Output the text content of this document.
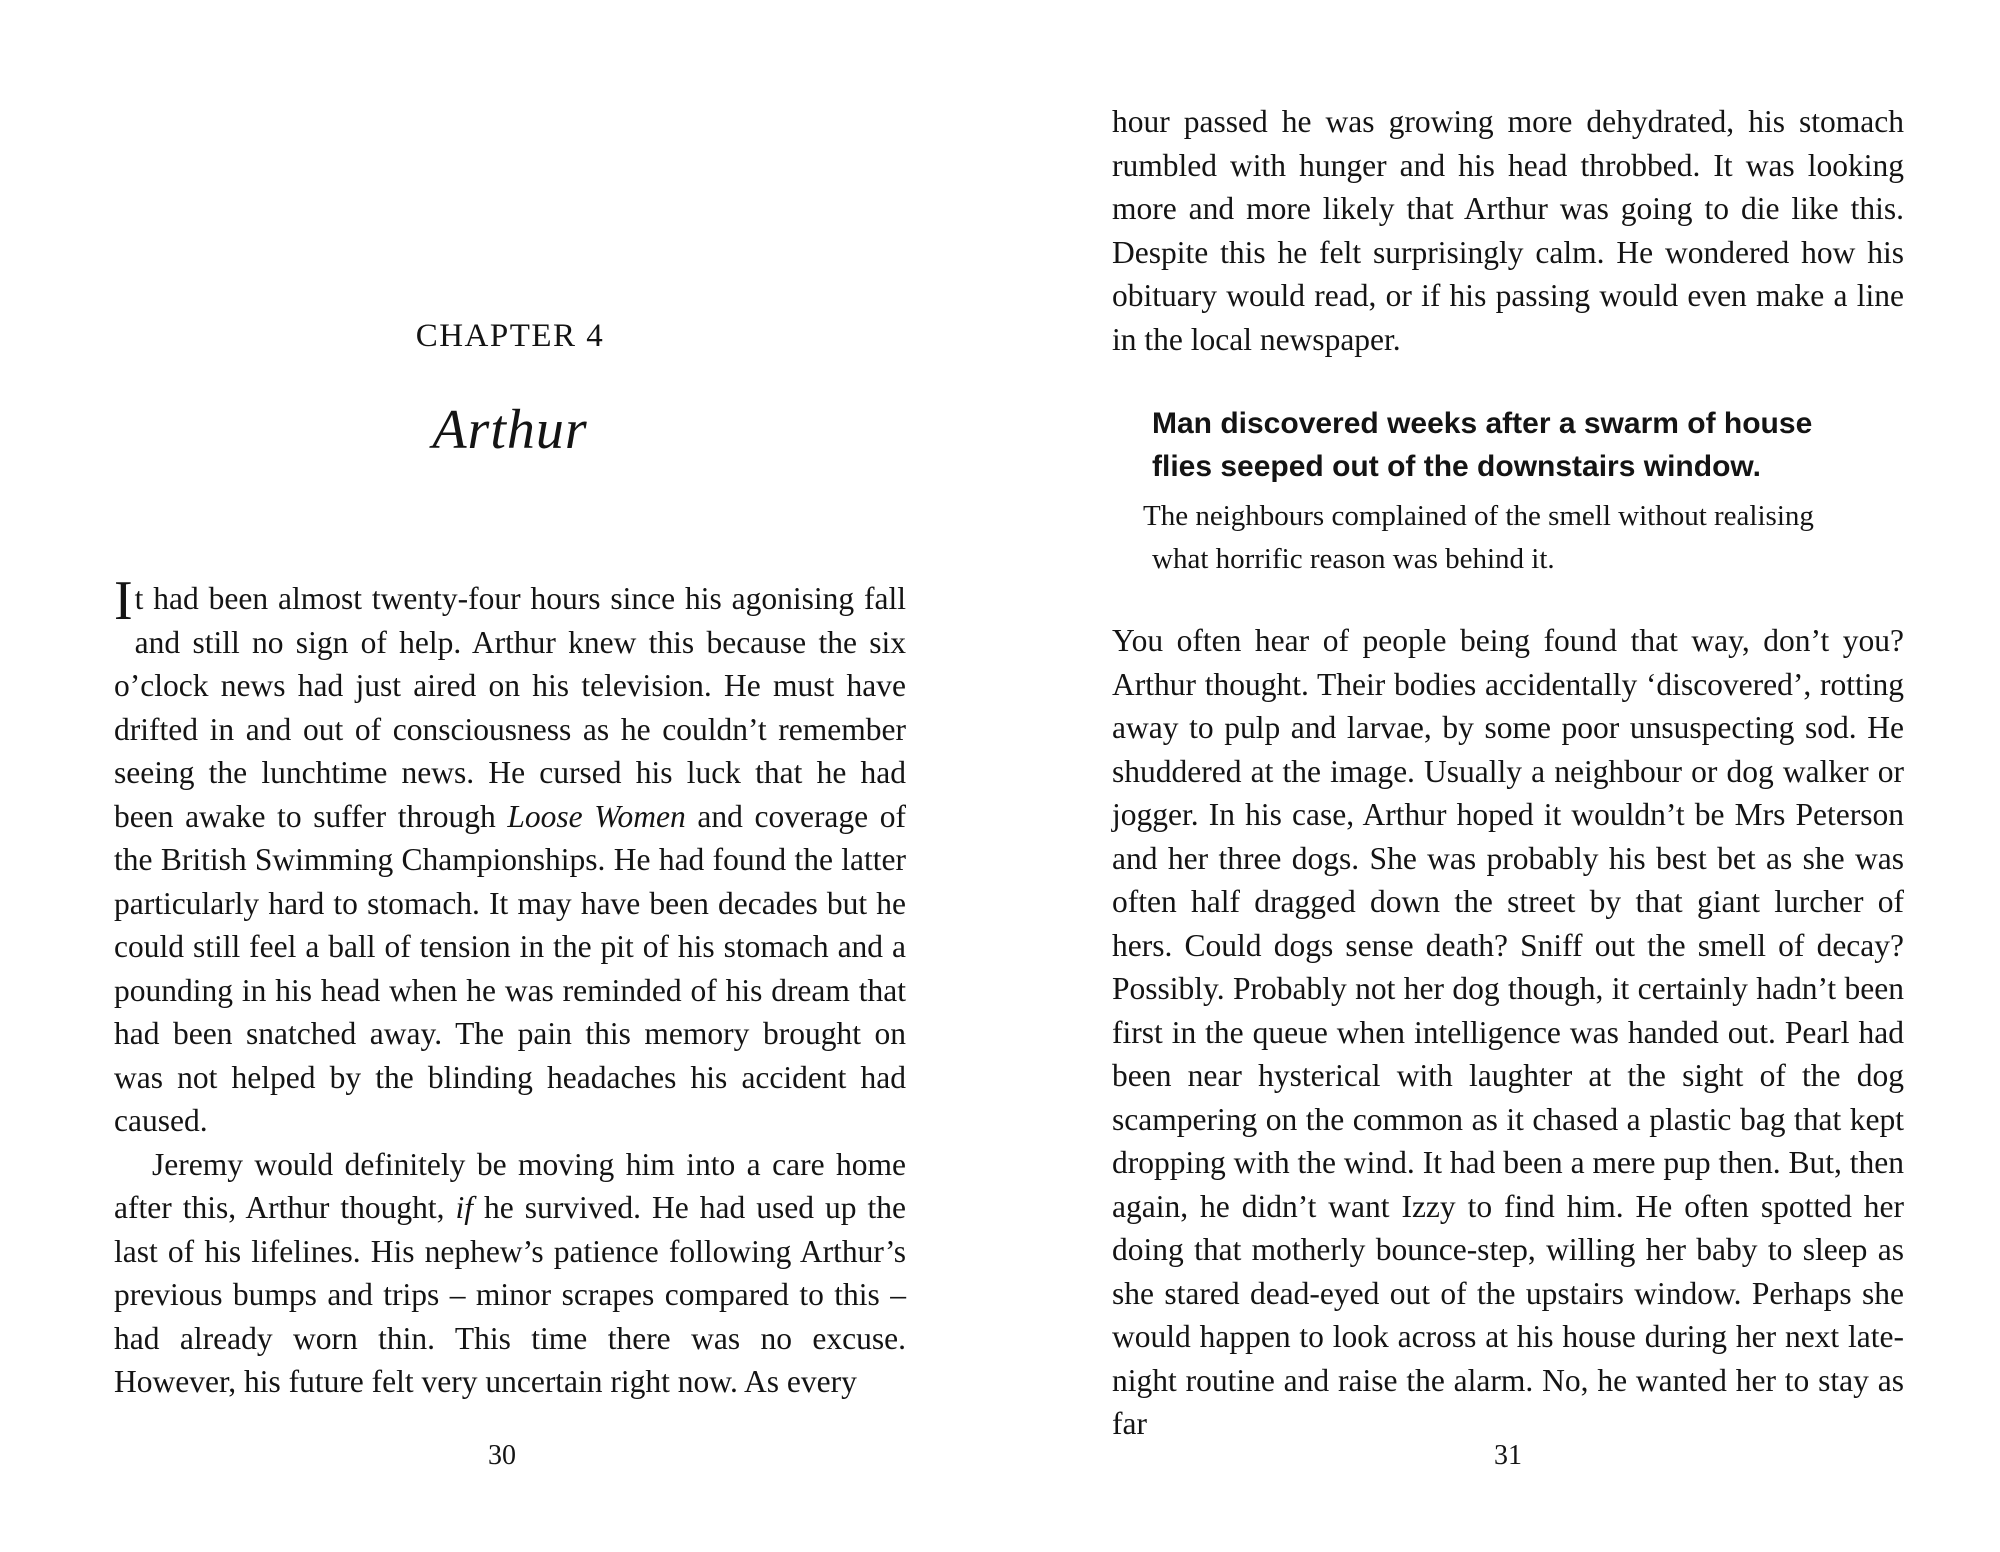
CHAPTER 4

Arthur

It had been almost twenty-four hours since his agonising fall and still no sign of help. Arthur knew this because the six o’clock news had just aired on his television. He must have drifted in and out of consciousness as he couldn’t remember seeing the lunchtime news. He cursed his luck that he had been awake to suffer through Loose Women and coverage of the British Swimming Championships. He had found the latter particularly hard to stomach. It may have been decades but he could still feel a ball of tension in the pit of his stomach and a pounding in his head when he was reminded of his dream that had been snatched away. The pain this memory brought on was not helped by the blinding headaches his accident had caused.

Jeremy would definitely be moving him into a care home after this, Arthur thought, if he survived. He had used up the last of his lifelines. His nephew’s patience following Arthur’s previous bumps and trips – minor scrapes compared to this – had already worn thin. This time there was no excuse. However, his future felt very uncertain right now. As every

30

hour passed he was growing more dehydrated, his stomach rumbled with hunger and his head throbbed. It was looking more and more likely that Arthur was going to die like this. Despite this he felt surprisingly calm. He wondered how his obituary would read, or if his passing would even make a line in the local newspaper.

Man discovered weeks after a swarm of house flies seeped out of the downstairs window.

The neighbours complained of the smell without realising
what horrific reason was behind it.

You often hear of people being found that way, don’t you? Arthur thought. Their bodies accidentally ‘discovered’, rotting away to pulp and larvae, by some poor unsuspecting sod. He shuddered at the image. Usually a neighbour or dog walker or jogger. In his case, Arthur hoped it wouldn’t be Mrs Peterson and her three dogs. She was probably his best bet as she was often half dragged down the street by that giant lurcher of hers. Could dogs sense death? Sniff out the smell of decay? Possibly. Probably not her dog though, it certainly hadn’t been first in the queue when intelligence was handed out. Pearl had been near hysterical with laughter at the sight of the dog scampering on the common as it chased a plastic bag that kept dropping with the wind. It had been a mere pup then. But, then again, he didn’t want Izzy to find him. He often spotted her doing that motherly bounce-step, willing her baby to sleep as she stared dead-eyed out of the upstairs window. Perhaps she would happen to look across at his house during her next late-night routine and raise the alarm. No, he wanted her to stay as far

31
